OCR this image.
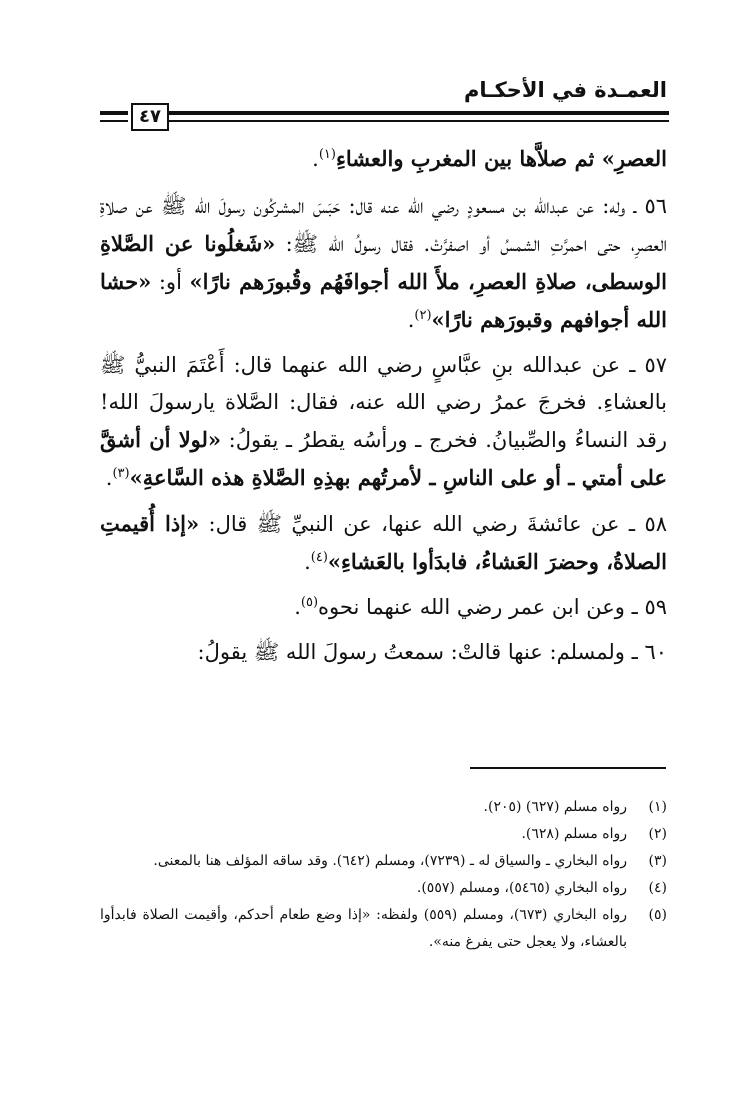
العمـدة في الأحكـام
٤٧

العصرِ» ثم صلاَّها بين المغربِ والعشاءِ$^{(١)}$.

٥٦ ـ وله: عن عبدالله بن مسعودٍ رضي الله عنه قال: حَبَسَ المشركُون رسولَ الله ﷺ عن صلاةِ العصرِ، حتى احمرَّتِ الشمسُ أو اصفرَّتْ. فقال رسولُ الله ﷺ: «شَغلُونا عن الصَّلاةِ الوسطى، صلاةِ العصرِ، ملأَ الله أجوافَهُم وقُبورَهم نارًا» أو: «حشا الله أجوافهم وقبورَهم نارًا»$^{(٢)}$.

٥٧ ـ عن عبدالله بنِ عبَّاسٍ رضي الله عنهما قال: أَعْتَمَ النبيُّ ﷺ بالعشاءِ. فخرجَ عمرُ رضي الله عنه، فقال: الصَّلاة يارسولَ الله! رقد النساءُ والصِّبيانُ. فخرج ـ ورأسُه يقطرُ ـ يقولُ: «لولا أن أشقَّ على أمتي ـ أو على الناسِ ـ لأمرتُهم بهذِهِ الصَّلاةِ هذه السَّاعةِ»$^{(٣)}$.

٥٨ ـ عن عائشةَ رضي الله عنها، عن النبيِّ ﷺ قال: «إذا أُقيمتِ الصلاةُ، وحضرَ العَشاءُ، فابدَأوا بالعَشاءِ»$^{(٤)}$.

٥٩ ـ وعن ابن عمر رضي الله عنهما نحوه$^{(٥)}$.

٦٠ ـ ولمسلم: عنها قالتْ: سمعتُ رسولَ الله ﷺ يقولُ:

(١)
رواه مسلم (٦٢٧) (٢٠٥).
(٢)
رواه مسلم (٦٢٨).
(٣)
رواه البخاري ـ والسياق له ـ (٧٢٣٩)، ومسلم (٦٤٢). وقد ساقه المؤلف هنا بالمعنى.
(٤)
رواه البخاري (٥٤٦٥)، ومسلم (٥٥٧).
(٥)
رواه البخاري (٦٧٣)، ومسلم (٥٥٩) ولفظه: «إذا وضع طعام أحدكم، وأقيمت الصلاة فابدأوا بالعشاء، ولا يعجل حتى يفرغ منه».
